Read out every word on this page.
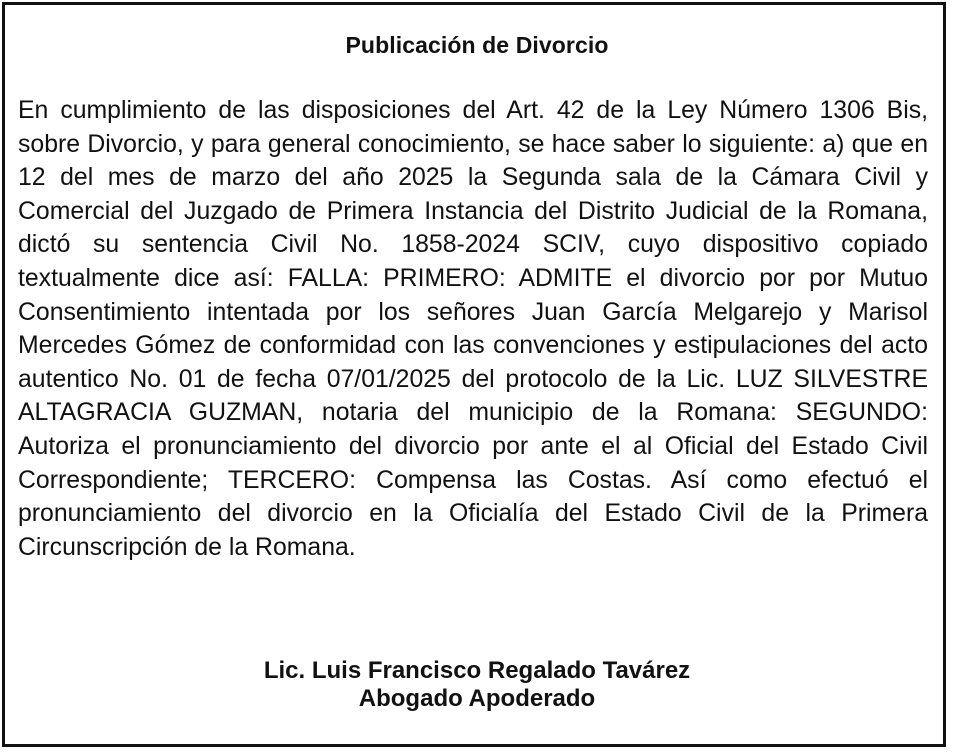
Publicación de Divorcio

En cumplimiento de las disposiciones del Art. 42 de la Ley Número 1306 Bis, sobre Divorcio, y para general conocimiento, se hace saber lo siguiente: a) que en 12 del mes de marzo del año 2025 la Segunda sala de la Cámara Civil y Comercial del Juzgado de Primera Instancia del Distrito Judicial de la Romana, dictó su sentencia Civil No. 1858-2024 SCIV, cuyo dispositivo copiado textualmente dice así: FALLA: PRIMERO: ADMITE el divorcio por por Mutuo Consentimiento intentada por los señores Juan García Melgarejo y Marisol Mercedes Gómez de conformidad con las convenciones y estipulaciones del acto autentico No. 01 de fecha 07/01/2025 del protocolo de la Lic. LUZ SILVESTRE ALTAGRACIA GUZMAN, notaria del municipio de la Romana: SEGUNDO: Autoriza el pronunciamiento del divorcio por ante el al Oficial del Estado Civil Correspondiente; TERCERO: Compensa las Costas. Así como efectuó el pronunciamiento del divorcio en la Oficialía del Estado Civil de la Primera Circunscripción de la Romana.

Lic. Luis Francisco Regalado Tavárez
Abogado Apoderado
